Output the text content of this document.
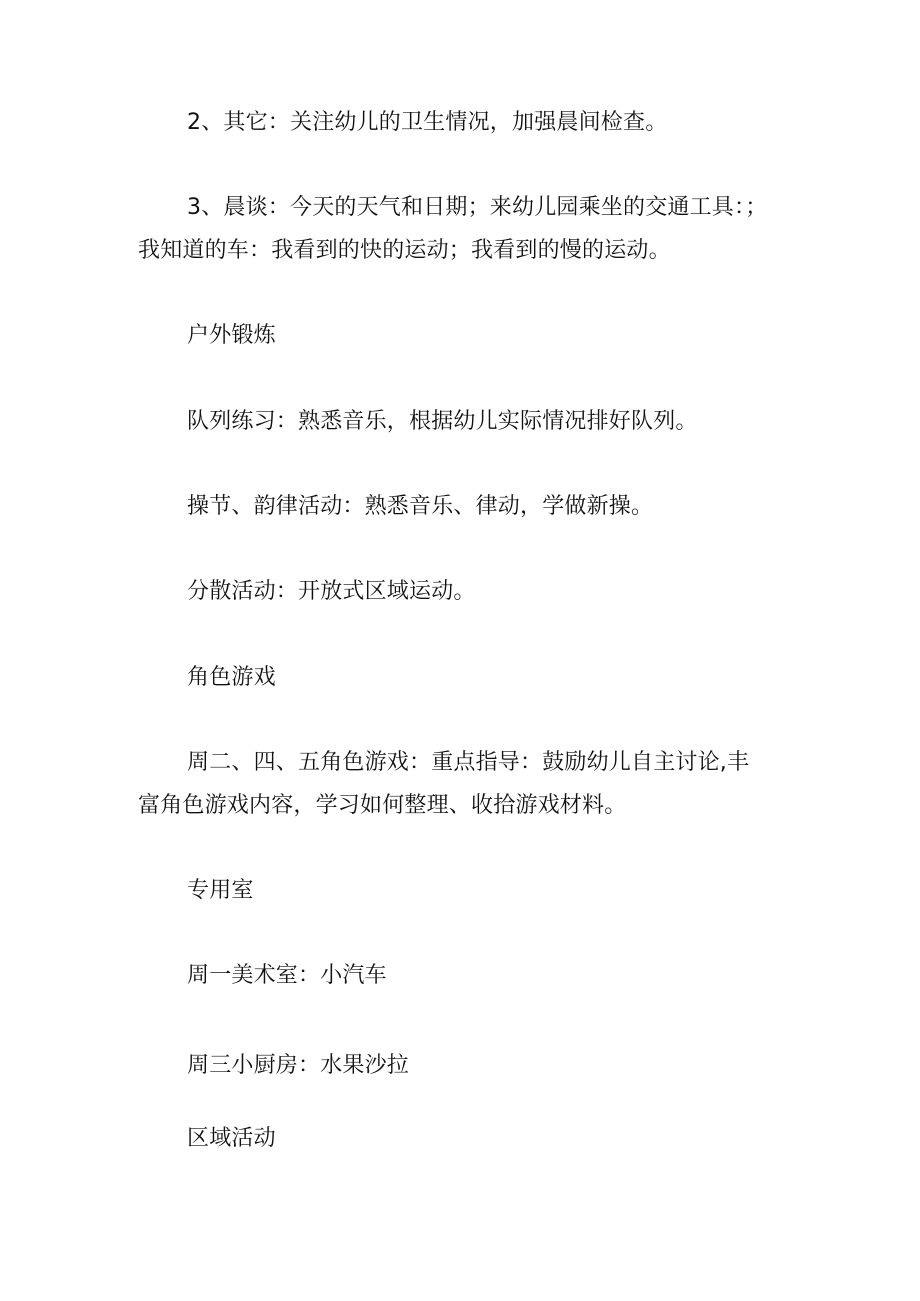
2、其它：关注幼儿的卫生情况，加强晨间检查。
3、晨谈：今天的天气和日期；来幼儿园乘坐的交通工具：；
我知道的车：我看到的快的运动；我看到的慢的运动。
户外锻炼
队列练习：熟悉音乐，根据幼儿实际情况排好队列。
操节、韵律活动：熟悉音乐、律动，学做新操。
分散活动：开放式区域运动。
角色游戏
周二、四、五角色游戏：重点指导：鼓励幼儿自主讨论,丰
富角色游戏内容，学习如何整理、收拾游戏材料。
专用室
周一美术室：小汽车
周三小厨房：水果沙拉
区域活动
